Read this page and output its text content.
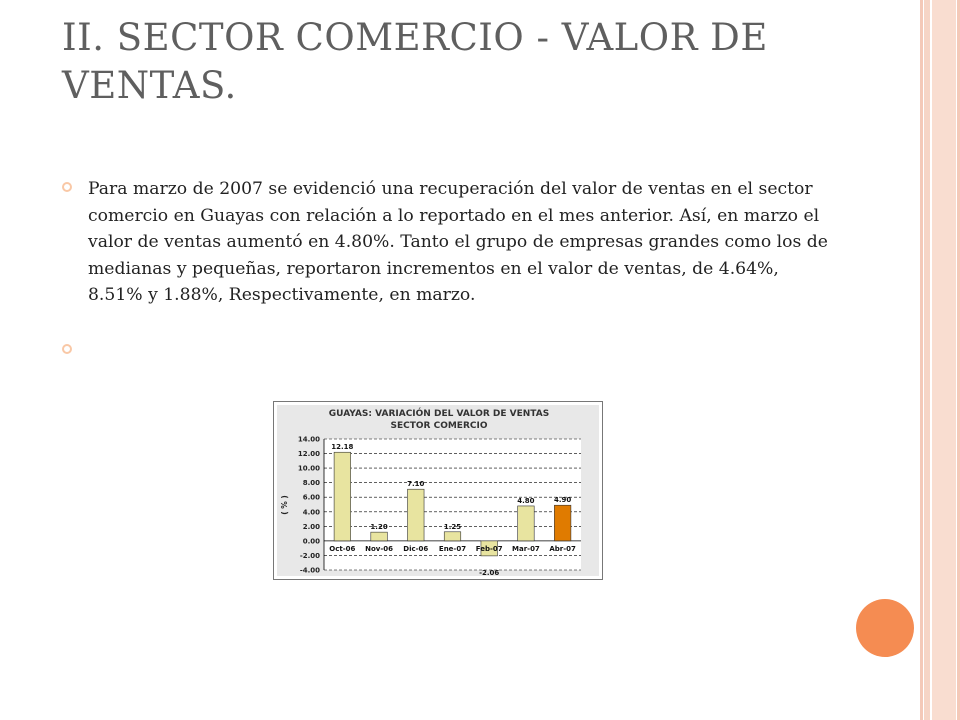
II. SECTOR COMERCIO - VALOR DE VENTAS.
Para marzo de 2007 se evidenció una recuperación del valor de ventas en el sector comercio en Guayas con relación a lo reportado en el mes anterior. Así, en marzo el valor de ventas aumentó en 4.80%. Tanto el grupo de empresas grandes como los de medianas y pequeñas, reportaron incrementos en el valor de ventas, de 4.64%, 8.51% y 1.88%, Respectivamente, en marzo.
GUAYAS: VARIACIÓN DEL VALOR DE VENTAS
SECTOR COMERCIO
( % )
14.00
12.00
10.00
8.00
6.00
4.00
2.00
0.00
-2.00
-4.00
Oct-06 Nov-06 Dic-06 Ene-07 Feb-07 Mar-07 Abr-07
12.18
1.20
7.10
1.25
-2.06
4.80	4.90
